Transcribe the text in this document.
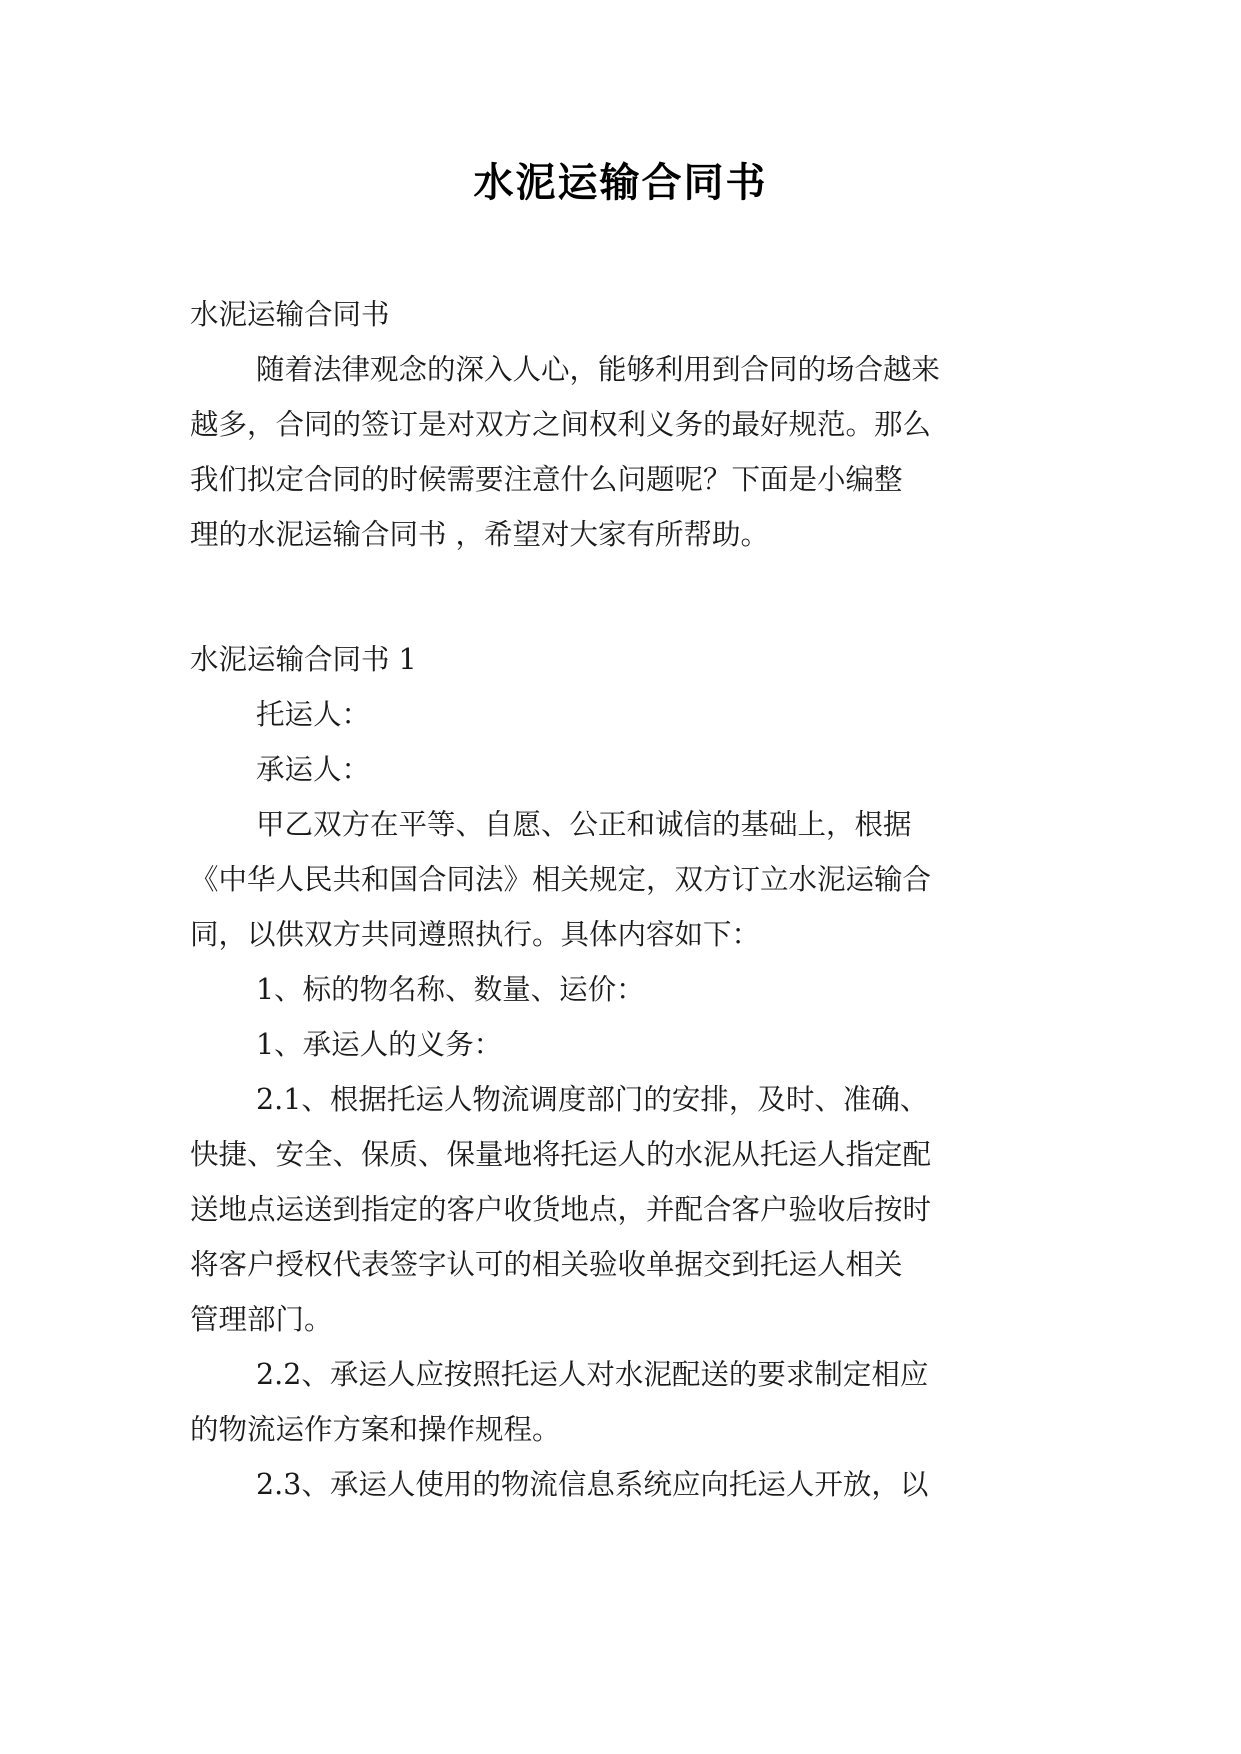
水泥运输合同书
水泥运输合同书
随着法律观念的深入人心，能够利用到合同的场合越来
越多，合同的签订是对双方之间权利义务的最好规范。那么
我们拟定合同的时候需要注意什么问题呢？下面是小编整
理的水泥运输合同书 ，希望对大家有所帮助。
水泥运输合同书 1
托运人：
承运人：
甲乙双方在平等、自愿、公正和诚信的基础上，根据
《中华人民共和国合同法》相关规定，双方订立水泥运输合
同，以供双方共同遵照执行。具体内容如下：
1、标的物名称、数量、运价：
1、承运人的义务：
2.1、根据托运人物流调度部门的安排，及时、准确、
快捷、安全、保质、保量地将托运人的水泥从托运人指定配
送地点运送到指定的客户收货地点，并配合客户验收后按时
将客户授权代表签字认可的相关验收单据交到托运人相关
管理部门。
2.2、承运人应按照托运人对水泥配送的要求制定相应
的物流运作方案和操作规程。
2.3、承运人使用的物流信息系统应向托运人开放，以
